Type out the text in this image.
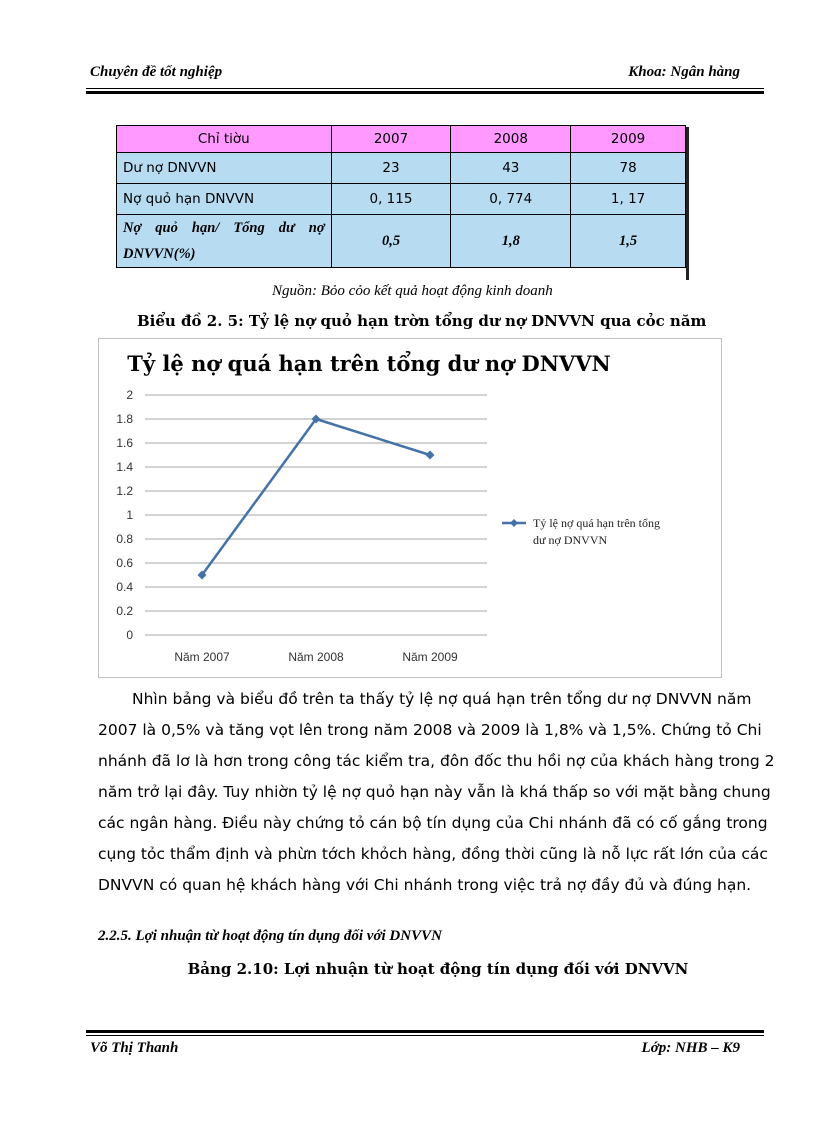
Chuyên đề tốt nghiệp	Khoa: Ngân hàng
Chỉ tiờu	2007	2008	2009
Dư nợ DNVVN	23	43	78
Nợ quỏ hạn DNVVN	0, 115	0, 774	1, 17

Nợ quỏ hạn/ Tổng dư nợ
DNVVN(%)	0,5	1,8	1,5
Nguồn: Bỏo cỏo kết quả hoạt động kinh doanh
Biểu đồ 2. 5: Tỷ lệ nợ quỏ hạn trờn tổng dư nợ DNVVN qua cỏc năm
0
0.2
0.4
0.6
0.8
1
1.2
1.4
1.6
1.8
2
Năm 2007	Năm 2008	Năm 2009
Tỷ lệ nợ quá hạn trên tổng
dư nợ DNVVN
Tỷ lệ nợ quá hạn trên tổng dư nợ DNVVN
Nhìn bảng và biểu đồ trên ta thấy tỷ lệ nợ quá hạn trên tổng dư nợ DNVVN năm
2007 là 0,5% và tăng vọt lên trong năm 2008 và 2009 là 1,8% và 1,5%. Chứng tỏ Chi
nhánh đã lơ là hơn trong công tác kiểm tra, đôn đốc thu hồi nợ của khách hàng trong 2
năm trở lại đây. Tuy nhiờn tỷ lệ nợ quỏ hạn này vẫn là khá thấp so với mặt bằng chung
các ngân hàng. Điều này chứng tỏ cán bộ tín dụng của Chi nhánh đã có cố gắng trong
cụng tỏc thẩm định và phừn tớch khỏch hàng, đồng thời cũng là nỗ lực rất lớn của các
DNVVN có quan hệ khách hàng với Chi nhánh trong việc trả nợ đầy đủ và đúng hạn.
2.2.5. Lợi nhuận từ hoạt động tín dụng đối với DNVVN
Bảng 2.10: Lợi nhuận từ hoạt động tín dụng đối với DNVVN
Võ Thị Thanh	Lớp: NHB – K9
